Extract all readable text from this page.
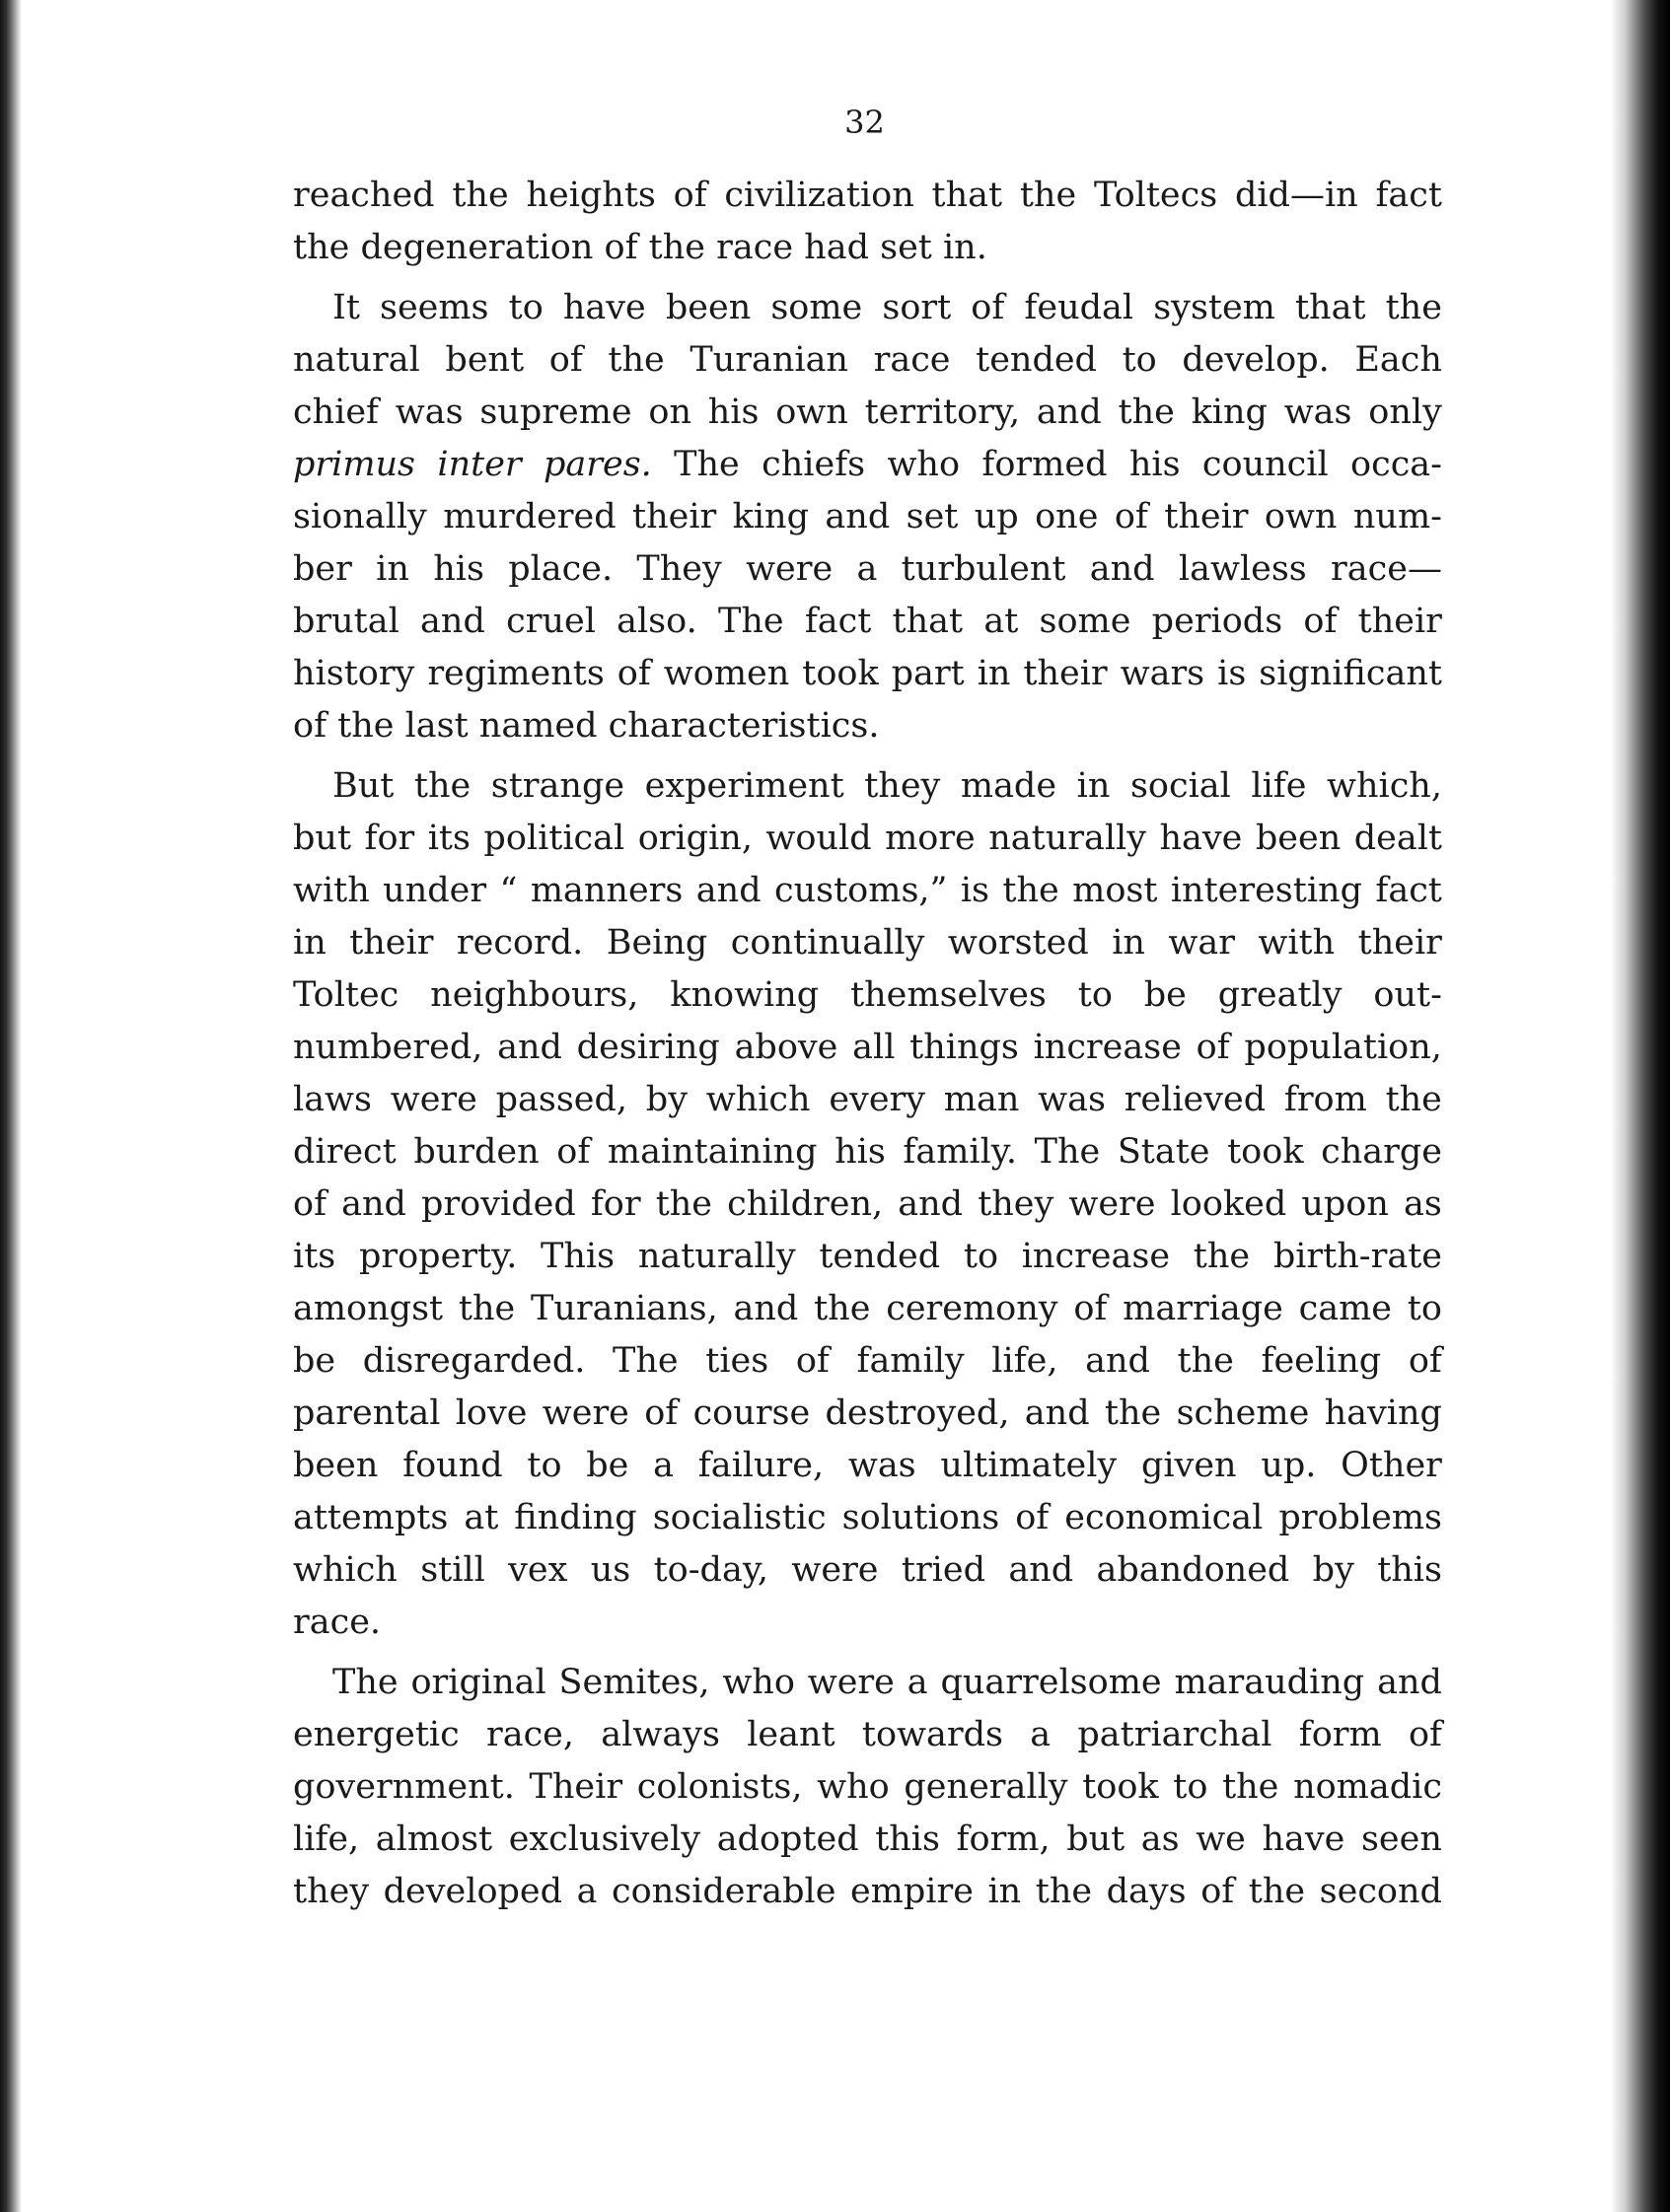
32
reached the heights of civilization that the Toltecs did—in fact
the degeneration of the race had set in.
It seems to have been some sort of feudal system that the
natural bent of the Turanian race tended to develop. Each
chief was supreme on his own territory, and the king was only
primus inter pares. The chiefs who formed his council occa-
sionally murdered their king and set up one of their own num-
ber in his place. They were a turbulent and lawless race—
brutal and cruel also. The fact that at some periods of their
history regiments of women took part in their wars is significant
of the last named characteristics.
But the strange experiment they made in social life which,
but for its political origin, would more naturally have been dealt
with under “ manners and customs,” is the most interesting fact
in their record. Being continually worsted in war with their
Toltec neighbours, knowing themselves to be greatly out-
numbered, and desiring above all things increase of population,
laws were passed, by which every man was relieved from the
direct burden of maintaining his family. The State took charge
of and provided for the children, and they were looked upon as
its property. This naturally tended to increase the birth-rate
amongst the Turanians, and the ceremony of marriage came to
be disregarded. The ties of family life, and the feeling of
parental love were of course destroyed, and the scheme having
been found to be a failure, was ultimately given up. Other
attempts at finding socialistic solutions of economical problems
which still vex us to-day, were tried and abandoned by this
race.
The original Semites, who were a quarrelsome marauding and
energetic race, always leant towards a patriarchal form of
government. Their colonists, who generally took to the nomadic
life, almost exclusively adopted this form, but as we have seen
they developed a considerable empire in the days of the second
